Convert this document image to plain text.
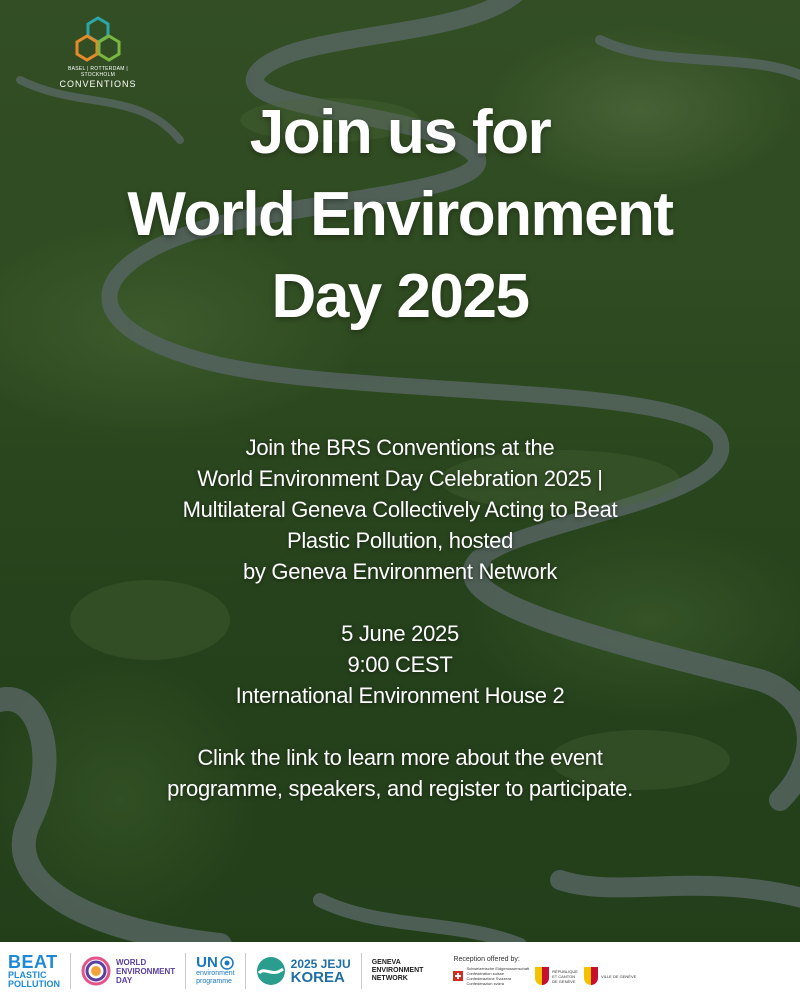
BASEL | ROTTERDAM | STOCKHOLM
CONVENTIONS
Join us for
World Environment
Day 2025
Join the BRS Conventions at the
World Environment Day Celebration 2025 |
Multilateral Geneva Collectively Acting to Beat
Plastic Pollution, hosted
by Geneva Environment Network
5 June 2025
9:00 CEST
International Environment House 2
Clink the link to learn more about the event
programme, speakers, and register to participate.
BEAT
PLASTIC
POLLUTION
WORLD
ENVIRONMENT
DAY
UN
environment
programme
2025 JEJU
KOREA
GENEVA
ENVIRONMENT
NETWORK
Reception offered by:
Schweizerische Eidgenossenschaft
Confédération suisse
Confederazione Svizzera
Confederaziun svizra
RÉPUBLIQUE
ET CANTON
DE GENÈVE
VILLE DE GENÈVE
